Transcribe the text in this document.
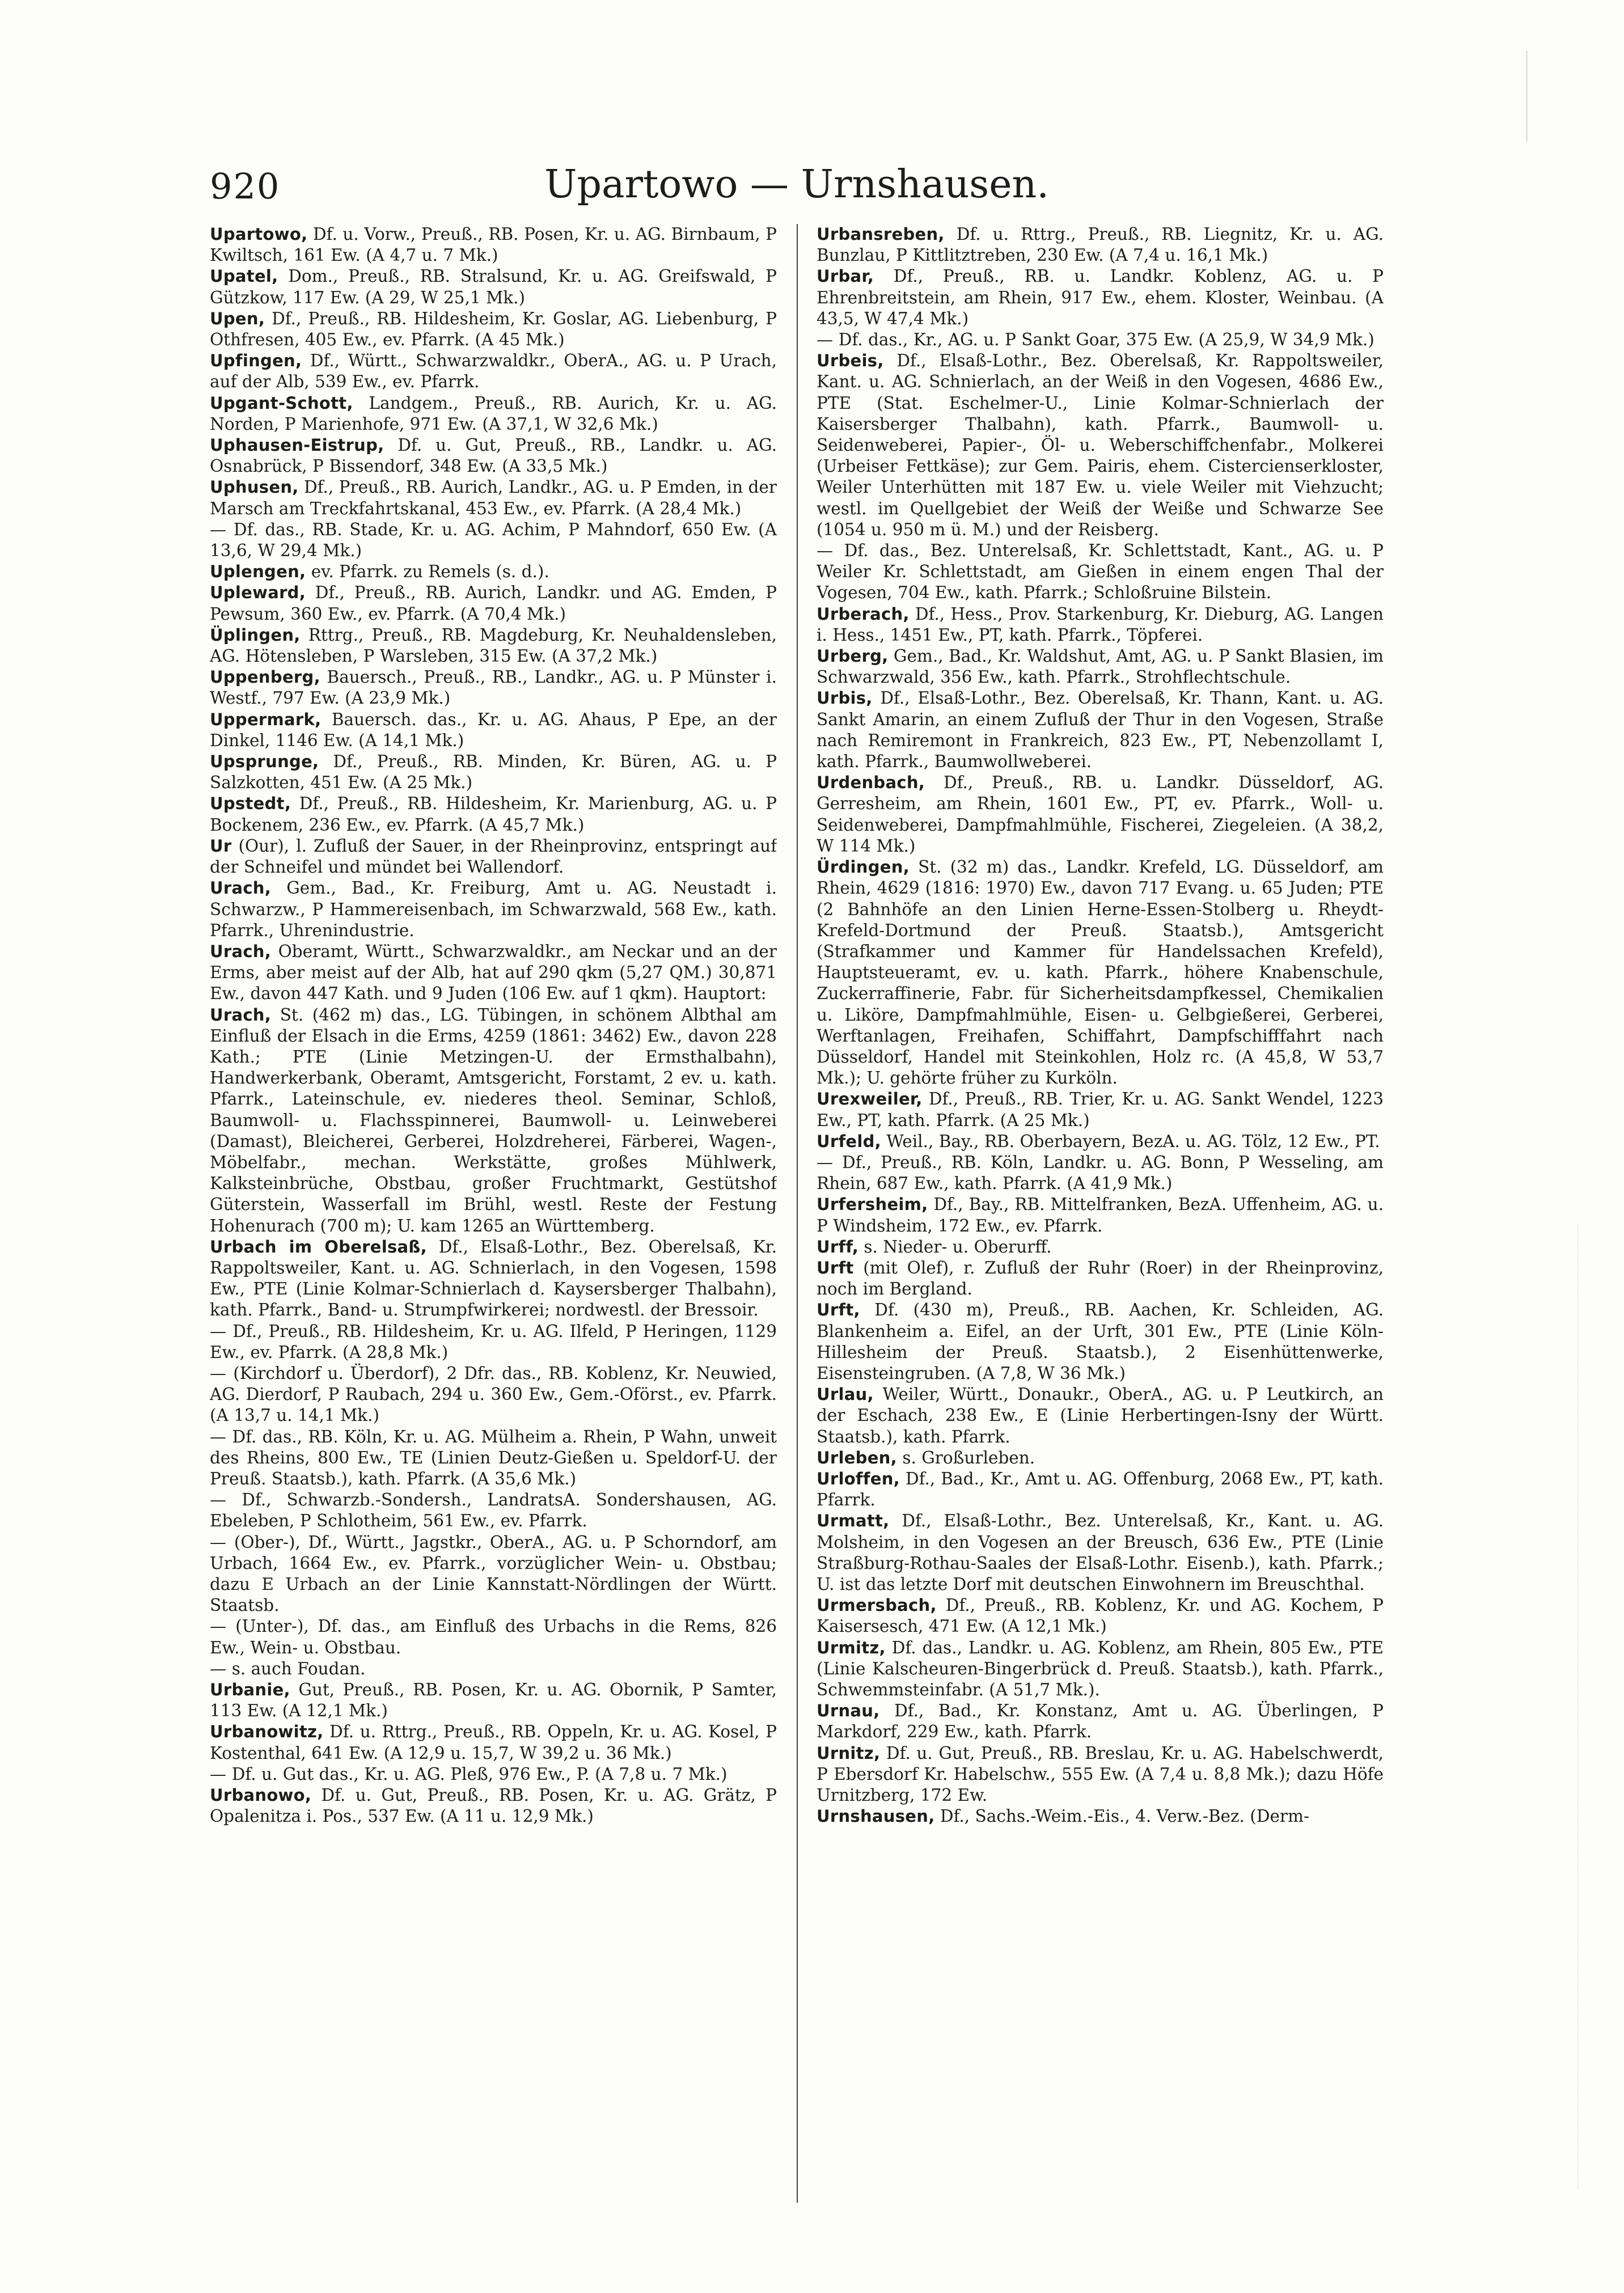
920	Upartowo — Urnshausen.

Upartowo, Df. u. Vorw., Preuß., RB. Posen, Kr. u. AG. Birnbaum, P Kwiltsch, 161 Ew. (A 4,7 u. 7 Mk.)

Upatel, Dom., Preuß., RB. Stralsund, Kr. u. AG. Greifswald, P Gützkow, 117 Ew. (A 29, W 25,1 Mk.)

Upen, Df., Preuß., RB. Hildesheim, Kr. Goslar, AG. Liebenburg, P Othfresen, 405 Ew., ev. Pfarrk. (A 45 Mk.)

Upfingen, Df., Württ., Schwarzwaldkr., OberA., AG. u. P Urach, auf der Alb, 539 Ew., ev. Pfarrk.

Upgant-Schott, Landgem., Preuß., RB. Aurich, Kr. u. AG. Norden, P Marienhofe, 971 Ew. (A 37,1, W 32,6 Mk.)

Uphausen-Eistrup, Df. u. Gut, Preuß., RB., Landkr. u. AG. Osnabrück, P Bissendorf, 348 Ew. (A 33,5 Mk.)

Uphusen, Df., Preuß., RB. Aurich, Landkr., AG. u. P Emden, in der Marsch am Treckfahrtskanal, 453 Ew., ev. Pfarrk. (A 28,4 Mk.)

— Df. das., RB. Stade, Kr. u. AG. Achim, P Mahndorf, 650 Ew. (A 13,6, W 29,4 Mk.)

Uplengen, ev. Pfarrk. zu Remels (s. d.).

Upleward, Df., Preuß., RB. Aurich, Landkr. und AG. Emden, P Pewsum, 360 Ew., ev. Pfarrk. (A 70,4 Mk.)

Üplingen, Rttrg., Preuß., RB. Magdeburg, Kr. Neuhaldensleben, AG. Hötensleben, P Warsleben, 315 Ew. (A 37,2 Mk.)

Uppenberg, Bauersch., Preuß., RB., Landkr., AG. u. P Münster i. Westf., 797 Ew. (A 23,9 Mk.)

Uppermark, Bauersch. das., Kr. u. AG. Ahaus, P Epe, an der Dinkel, 1146 Ew. (A 14,1 Mk.)

Upsprunge, Df., Preuß., RB. Minden, Kr. Büren, AG. u. P Salzkotten, 451 Ew. (A 25 Mk.)

Upstedt, Df., Preuß., RB. Hildesheim, Kr. Marienburg, AG. u. P Bockenem, 236 Ew., ev. Pfarrk. (A 45,7 Mk.)

Ur (Our), l. Zufluß der Sauer, in der Rheinprovinz, entspringt auf der Schneifel und mündet bei Wallendorf.

Urach, Gem., Bad., Kr. Freiburg, Amt u. AG. Neustadt i. Schwarzw., P Hammereisenbach, im Schwarzwald, 568 Ew., kath. Pfarrk., Uhrenindustrie.

Urach, Oberamt, Württ., Schwarzwaldkr., am Neckar und an der Erms, aber meist auf der Alb, hat auf 290 qkm (5,27 QM.) 30,871 Ew., davon 447 Kath. und 9 Juden (106 Ew. auf 1 qkm). Hauptort:

Urach, St. (462 m) das., LG. Tübingen, in schönem Albthal am Einfluß der Elsach in die Erms, 4259 (1861: 3462) Ew., davon 228 Kath.; PTE (Linie Metzingen-U. der Ermsthalbahn), Handwerkerbank, Oberamt, Amtsgericht, Forstamt, 2 ev. u. kath. Pfarrk., Lateinschule, ev. niederes theol. Seminar, Schloß, Baumwoll- u. Flachsspinnerei, Baumwoll- u. Leinweberei (Damast), Bleicherei, Gerberei, Holzdreherei, Färberei, Wagen-, Möbelfabr., mechan. Werkstätte, großes Mühlwerk, Kalksteinbrüche, Obstbau, großer Fruchtmarkt, Gestütshof Güterstein, Wasserfall im Brühl, westl. Reste der Festung Hohenurach (700 m); U. kam 1265 an Württemberg.

Urbach im Oberelsaß, Df., Elsaß-Lothr., Bez. Oberelsaß, Kr. Rappoltsweiler, Kant. u. AG. Schnierlach, in den Vogesen, 1598 Ew., PTE (Linie Kolmar-Schnierlach d. Kaysersberger Thalbahn), kath. Pfarrk., Band- u. Strumpfwirkerei; nordwestl. der Bressoir.

— Df., Preuß., RB. Hildesheim, Kr. u. AG. Ilfeld, P Heringen, 1129 Ew., ev. Pfarrk. (A 28,8 Mk.)

— (Kirchdorf u. Überdorf), 2 Dfr. das., RB. Koblenz, Kr. Neuwied, AG. Dierdorf, P Raubach, 294 u. 360 Ew., Gem.-Oförst., ev. Pfarrk. (A 13,7 u. 14,1 Mk.)

— Df. das., RB. Köln, Kr. u. AG. Mülheim a. Rhein, P Wahn, unweit des Rheins, 800 Ew., TE (Linien Deutz-Gießen u. Speldorf-U. der Preuß. Staatsb.), kath. Pfarrk. (A 35,6 Mk.)

— Df., Schwarzb.-Sondersh., LandratsA. Sondershausen, AG. Ebeleben, P Schlotheim, 561 Ew., ev. Pfarrk.

— (Ober-), Df., Württ., Jagstkr., OberA., AG. u. P Schorndorf, am Urbach, 1664 Ew., ev. Pfarrk., vorzüglicher Wein- u. Obstbau; dazu E Urbach an der Linie Kannstatt-Nördlingen der Württ. Staatsb.

— (Unter-), Df. das., am Einfluß des Urbachs in die Rems, 826 Ew., Wein- u. Obstbau.

— s. auch Foudan.

Urbanie, Gut, Preuß., RB. Posen, Kr. u. AG. Obornik, P Samter, 113 Ew. (A 12,1 Mk.)

Urbanowitz, Df. u. Rttrg., Preuß., RB. Oppeln, Kr. u. AG. Kosel, P Kostenthal, 641 Ew. (A 12,9 u. 15,7, W 39,2 u. 36 Mk.)

— Df. u. Gut das., Kr. u. AG. Pleß, 976 Ew., P. (A 7,8 u. 7 Mk.)

Urbanowo, Df. u. Gut, Preuß., RB. Posen, Kr. u. AG. Grätz, P Opalenitza i. Pos., 537 Ew. (A 11 u. 12,9 Mk.)

Urbansreben, Df. u. Rttrg., Preuß., RB. Liegnitz, Kr. u. AG. Bunzlau, P Kittlitztreben, 230 Ew. (A 7,4 u. 16,1 Mk.)

Urbar, Df., Preuß., RB. u. Landkr. Koblenz, AG. u. P Ehrenbreitstein, am Rhein, 917 Ew., ehem. Kloster, Weinbau. (A 43,5, W 47,4 Mk.)

— Df. das., Kr., AG. u. P Sankt Goar, 375 Ew. (A 25,9, W 34,9 Mk.)

Urbeis, Df., Elsaß-Lothr., Bez. Oberelsaß, Kr. Rappoltsweiler, Kant. u. AG. Schnierlach, an der Weiß in den Vogesen, 4686 Ew., PTE (Stat. Eschelmer-U., Linie Kolmar-Schnierlach der Kaisersberger Thalbahn), kath. Pfarrk., Baumwoll- u. Seidenweberei, Papier-, Öl- u. Weberschiffchenfabr., Molkerei (Urbeiser Fettkäse); zur Gem. Pairis, ehem. Cistercienserkloster, Weiler Unterhütten mit 187 Ew. u. viele Weiler mit Viehzucht; westl. im Quellgebiet der Weiß der Weiße und Schwarze See (1054 u. 950 m ü. M.) und der Reisberg.

— Df. das., Bez. Unterelsaß, Kr. Schlettstadt, Kant., AG. u. P Weiler Kr. Schlettstadt, am Gießen in einem engen Thal der Vogesen, 704 Ew., kath. Pfarrk.; Schloßruine Bilstein.

Urberach, Df., Hess., Prov. Starkenburg, Kr. Dieburg, AG. Langen i. Hess., 1451 Ew., PT, kath. Pfarrk., Töpferei.

Urberg, Gem., Bad., Kr. Waldshut, Amt, AG. u. P Sankt Blasien, im Schwarzwald, 356 Ew., kath. Pfarrk., Strohflechtschule.

Urbis, Df., Elsaß-Lothr., Bez. Oberelsaß, Kr. Thann, Kant. u. AG. Sankt Amarin, an einem Zufluß der Thur in den Vogesen, Straße nach Remiremont in Frankreich, 823 Ew., PT, Nebenzollamt I, kath. Pfarrk., Baumwollweberei.

Urdenbach, Df., Preuß., RB. u. Landkr. Düsseldorf, AG. Gerresheim, am Rhein, 1601 Ew., PT, ev. Pfarrk., Woll- u. Seidenweberei, Dampfmahlmühle, Fischerei, Ziegeleien. (A 38,2, W 114 Mk.)

Ürdingen, St. (32 m) das., Landkr. Krefeld, LG. Düsseldorf, am Rhein, 4629 (1816: 1970) Ew., davon 717 Evang. u. 65 Juden; PTE (2 Bahnhöfe an den Linien Herne-Essen-Stolberg u. Rheydt-Krefeld-Dortmund der Preuß. Staatsb.), Amtsgericht (Strafkammer und Kammer für Handelssachen Krefeld), Hauptsteueramt, ev. u. kath. Pfarrk., höhere Knabenschule, Zuckerraffinerie, Fabr. für Sicherheitsdampfkessel, Chemikalien u. Liköre, Dampfmahlmühle, Eisen- u. Gelbgießerei, Gerberei, Werftanlagen, Freihafen, Schiffahrt, Dampfschifffahrt nach Düsseldorf, Handel mit Steinkohlen, Holz rc. (A 45,8, W 53,7 Mk.); U. gehörte früher zu Kurköln.

Urexweiler, Df., Preuß., RB. Trier, Kr. u. AG. Sankt Wendel, 1223 Ew., PT, kath. Pfarrk. (A 25 Mk.)

Urfeld, Weil., Bay., RB. Oberbayern, BezA. u. AG. Tölz, 12 Ew., PT.

— Df., Preuß., RB. Köln, Landkr. u. AG. Bonn, P Wesseling, am Rhein, 687 Ew., kath. Pfarrk. (A 41,9 Mk.)

Urfersheim, Df., Bay., RB. Mittelfranken, BezA. Uffenheim, AG. u. P Windsheim, 172 Ew., ev. Pfarrk.

Urff, s. Nieder- u. Oberurff.

Urft (mit Olef), r. Zufluß der Ruhr (Roer) in der Rheinprovinz, noch im Bergland.

Urft, Df. (430 m), Preuß., RB. Aachen, Kr. Schleiden, AG. Blankenheim a. Eifel, an der Urft, 301 Ew., PTE (Linie Köln-Hillesheim der Preuß. Staatsb.), 2 Eisenhüttenwerke, Eisensteingruben. (A 7,8, W 36 Mk.)

Urlau, Weiler, Württ., Donaukr., OberA., AG. u. P Leutkirch, an der Eschach, 238 Ew., E (Linie Herbertingen-Isny der Württ. Staatsb.), kath. Pfarrk.

Urleben, s. Großurleben.

Urloffen, Df., Bad., Kr., Amt u. AG. Offenburg, 2068 Ew., PT, kath. Pfarrk.

Urmatt, Df., Elsaß-Lothr., Bez. Unterelsaß, Kr., Kant. u. AG. Molsheim, in den Vogesen an der Breusch, 636 Ew., PTE (Linie Straßburg-Rothau-Saales der Elsaß-Lothr. Eisenb.), kath. Pfarrk.; U. ist das letzte Dorf mit deutschen Einwohnern im Breuschthal.

Urmersbach, Df., Preuß., RB. Koblenz, Kr. und AG. Kochem, P Kaisersesch, 471 Ew. (A 12,1 Mk.)

Urmitz, Df. das., Landkr. u. AG. Koblenz, am Rhein, 805 Ew., PTE (Linie Kalscheuren-Bingerbrück d. Preuß. Staatsb.), kath. Pfarrk., Schwemmsteinfabr. (A 51,7 Mk.).

Urnau, Df., Bad., Kr. Konstanz, Amt u. AG. Überlingen, P Markdorf, 229 Ew., kath. Pfarrk.

Urnitz, Df. u. Gut, Preuß., RB. Breslau, Kr. u. AG. Habelschwerdt, P Ebersdorf Kr. Habelschw., 555 Ew. (A 7,4 u. 8,8 Mk.); dazu Höfe Urnitzberg, 172 Ew.

Urnshausen, Df., Sachs.-Weim.-Eis., 4. Verw.-Bez. (Derm-
